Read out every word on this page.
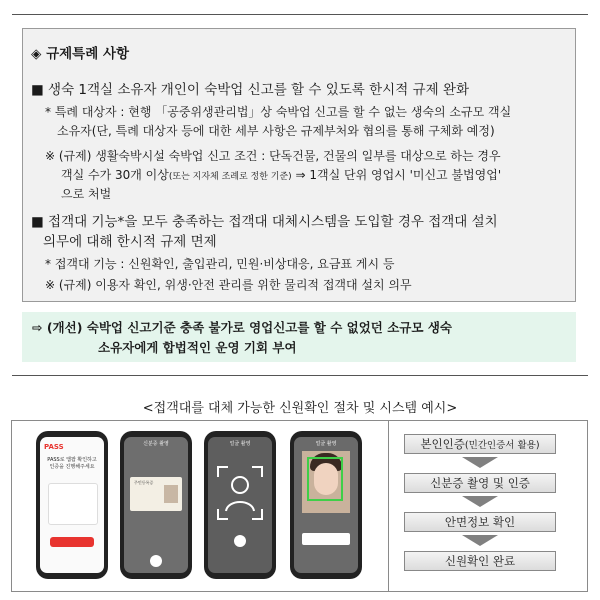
◈ 규제특례 사항
■ 생숙 1객실 소유자 개인이 숙박업 신고를 할 수 있도록 한시적 규제 완화
* 특례 대상자 : 현행 「공중위생관리법」상 숙박업 신고를 할 수 없는 생숙의 소규모 객실
소유자(단, 특례 대상자 등에 대한 세부 사항은 규제부처와 협의를 통해 구체화 예정)
※ (규제) 생활숙박시설 숙박업 신고 조건 : 단독건물, 건물의 일부를 대상으로 하는 경우
객실 수가 30개 이상(또는 지자체 조례로 정한 기준) ⇒ 1객실 단위 영업시 '미신고 불법영업'
으로 처벌
■ 접객대 기능*을 모두 충족하는 접객대 대체시스템을 도입할 경우 접객대 설치
의무에 대해 한시적 규제 면제
* 접객대 기능 : 신원확인, 출입관리, 민원·비상대응, 요금표 게시 등
※ (규제) 이용자 확인, 위생·안전 관리를 위한 물리적 접객대 설치 의무
⇨ (개선) 숙박업 신고기준 충족 불가로 영업신고를 할 수 없었던 소규모 생숙
소유자에게 합법적인 운영 기회 부여
<접객대를 대체 가능한 신원확인 절차 및 시스템 예시>
PASS
PASS로 앱팝 확인하고 인증을 진행해주세요
신분증 촬영
주민등록증
얼굴 촬영	얼굴 촬영	본인인증(민간인증서 활용)
신분증 촬영 및 인증
안면정보 확인
신원확인 완료
